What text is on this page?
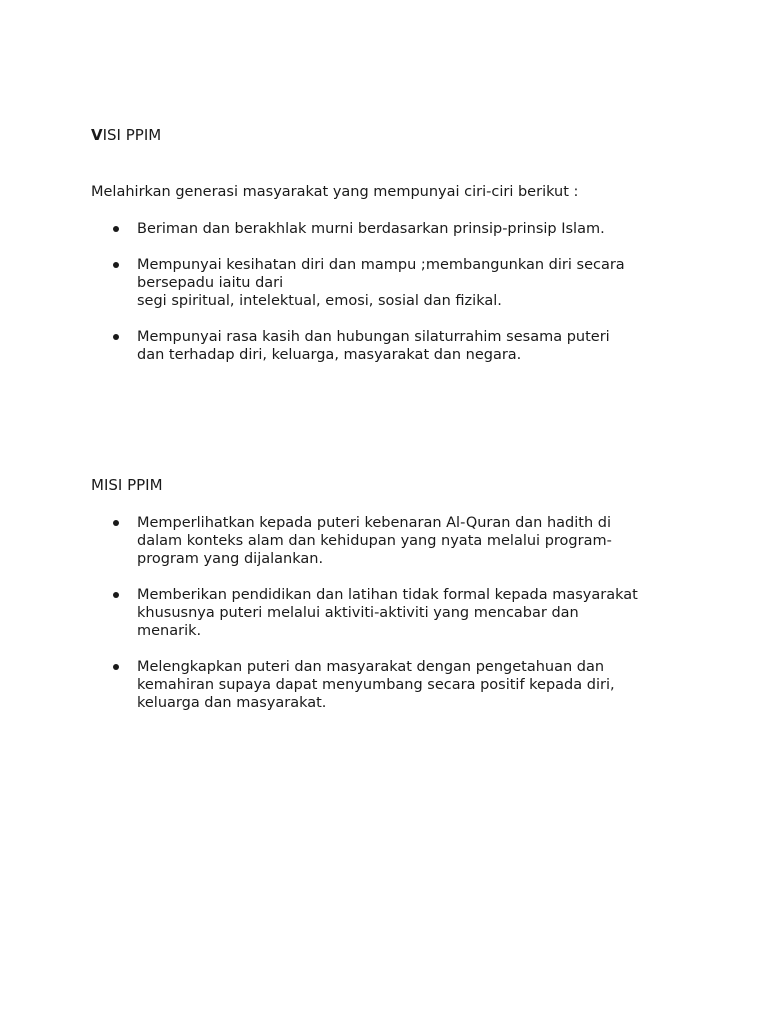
VISI PPIM
Melahirkan generasi masyarakat yang mempunyai ciri-ciri berikut :
Beriman dan berakhlak murni berdasarkan prinsip-prinsip Islam.
Mempunyai kesihatan diri dan mampu ;membangunkan diri secara
bersepadu iaitu dari
segi spiritual, intelektual, emosi, sosial dan fizikal.
Mempunyai rasa kasih dan hubungan silaturrahim sesama puteri
dan terhadap diri, keluarga, masyarakat dan negara.
MISI PPIM
Memperlihatkan kepada puteri kebenaran Al-Quran dan hadith di
dalam konteks alam dan kehidupan yang nyata melalui program-
program yang dijalankan.
Memberikan pendidikan dan latihan tidak formal kepada masyarakat
khususnya puteri melalui aktiviti-aktiviti yang mencabar dan
menarik.
Melengkapkan puteri dan masyarakat dengan pengetahuan dan
kemahiran supaya dapat menyumbang secara positif kepada diri,
keluarga dan masyarakat.
